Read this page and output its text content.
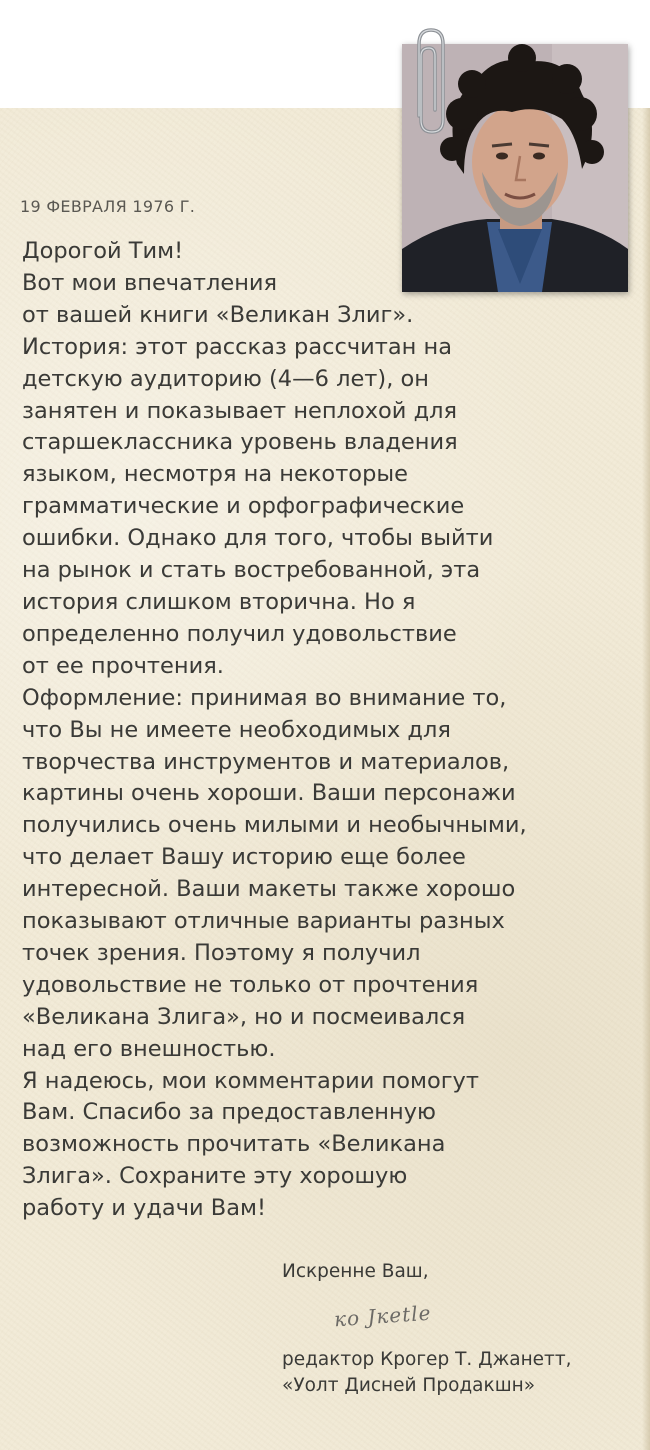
19 ФЕВРАЛЯ 1976 Г.
Дорогой Тим!
Вот мои впечатления
от вашей книги «Великан Злиг».
История: этот рассказ рассчитан на
детскую аудиторию (4—6 лет), он
занятен и показывает неплохой для
старшеклассника уровень владения
языком, несмотря на некоторые
грамматические и орфографические
ошибки. Однако для того, чтобы выйти
на рынок и стать востребованной, эта
история слишком вторична. Но я
определенно получил удовольствие
от ее прочтения.
Оформление: принимая во внимание то,
что Вы не имеете необходимых для
творчества инструментов и материалов,
картины очень хороши. Ваши персонажи
получились очень милыми и необычными,
что делает Вашу историю еще более
интересной. Ваши макеты также хорошо
показывают отличные варианты разных
точек зрения. Поэтому я получил
удовольствие не только от прочтения
«Великана Злига», но и посмеивался
над его внешностью.
Я надеюсь, мои комментарии помогут
Вам. Спасибо за предоставленную
возможность прочитать «Великана
Злига». Сохраните эту хорошую
работу и удачи Вам!
Искренне Ваш,
ко Jкetle
редактор Крогер Т. Джанетт,
«Уолт Дисней Продакшн»
